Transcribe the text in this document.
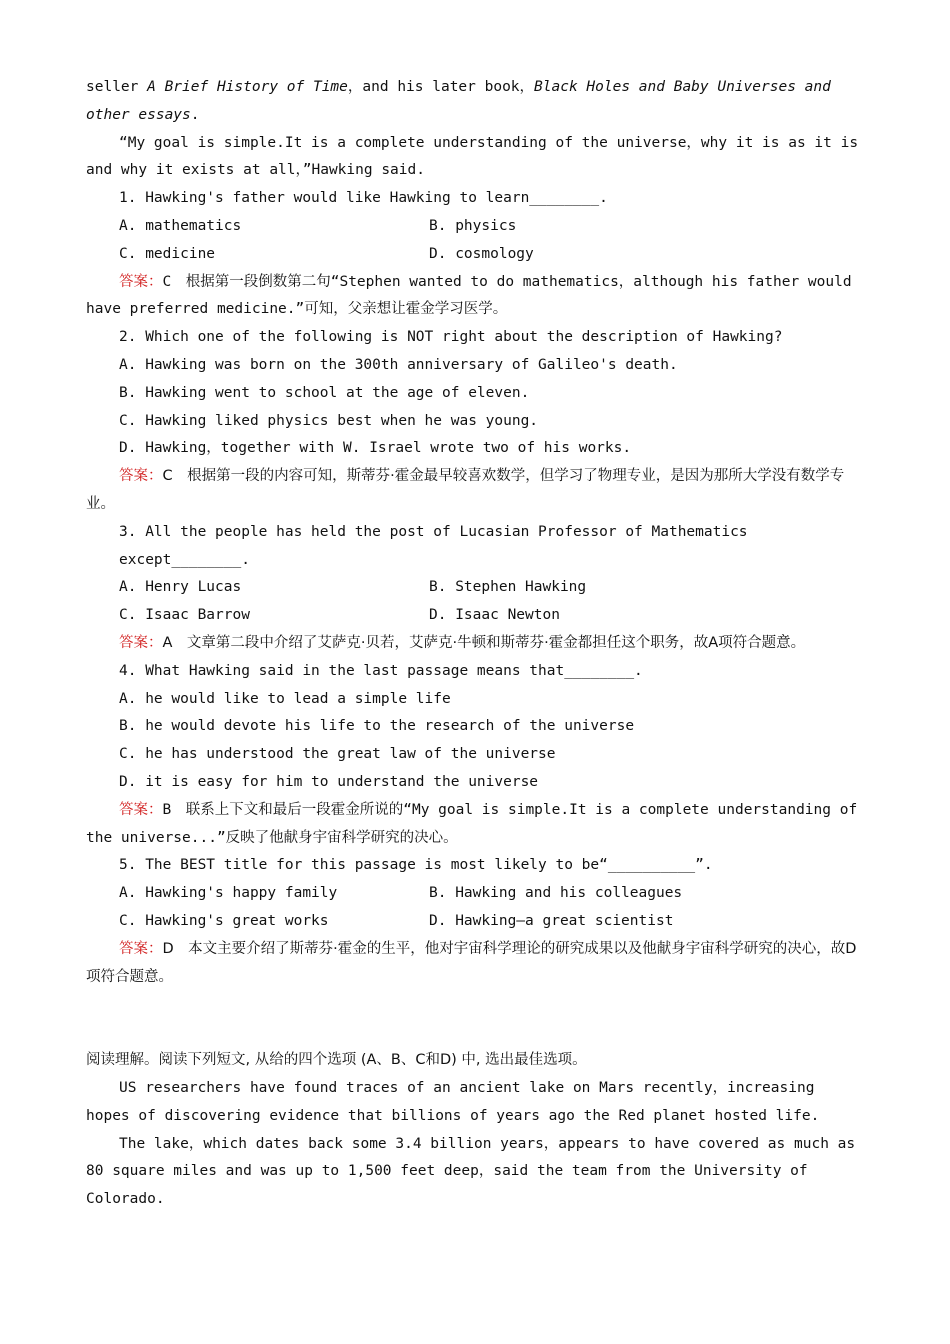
seller A Brief History of Time，and his later book，Black Holes and Baby Universes and other essays.

“My goal is simple.It is a complete understanding of the universe，why it is as it is and why it exists at all，”Hawking said.

1. Hawking's father would like Hawking to learn________.

A. mathematics	B. physics
C. medicine	D. cosmology

答案：C　根据第一段倒数第二句“Stephen wanted to do mathematics，although his father would have preferred medicine.”可知，父亲想让霍金学习医学。

2. Which one of the following is NOT right about the description of Hawking?

A. Hawking was born on the 300th anniversary of Galileo's death.

B. Hawking went to school at the age of eleven.

C. Hawking liked physics best when he was young.

D. Hawking，together with W. Israel wrote two of his works.

答案：C　根据第一段的内容可知，斯蒂芬·霍金最早较喜欢数学，但学习了物理专业，是因为那所大学没有数学专业。

3. All the people has held the post of Lucasian Professor of Mathematics except________.

A. Henry Lucas	B. Stephen Hawking
C. Isaac Barrow	D. Isaac Newton

答案：A　文章第二段中介绍了艾萨克·贝若，艾萨克·牛顿和斯蒂芬·霍金都担任这个职务，故A项符合题意。

4. What Hawking said in the last passage means that________.

A. he would like to lead a simple life

B. he would devote his life to the research of the universe

C. he has understood the great law of the universe

D. it is easy for him to understand the universe

答案：B　联系上下文和最后一段霍金所说的“My goal is simple.It is a complete understanding of the universe...”反映了他献身宇宙科学研究的决心。

5. The BEST title for this passage is most likely to be“__________”.

A. Hawking's happy family	B. Hawking and his colleagues
C. Hawking's great works	D. Hawking—a great scientist

答案：D　本文主要介绍了斯蒂芬·霍金的生平，他对宇宙科学理论的研究成果以及他献身宇宙科学研究的决心，故D项符合题意。

阅读理解。阅读下列短文, 从给的四个选项 (A、B、C和D) 中, 选出最佳选项。

US researchers have found traces of an ancient lake on Mars recently，increasing hopes of discovering evidence that billions of years ago the Red planet hosted life.

The lake，which dates back some 3.4 billion years，appears to have covered as much as 80 square miles and was up to 1,500 feet deep，said the team from the University of Colorado.
